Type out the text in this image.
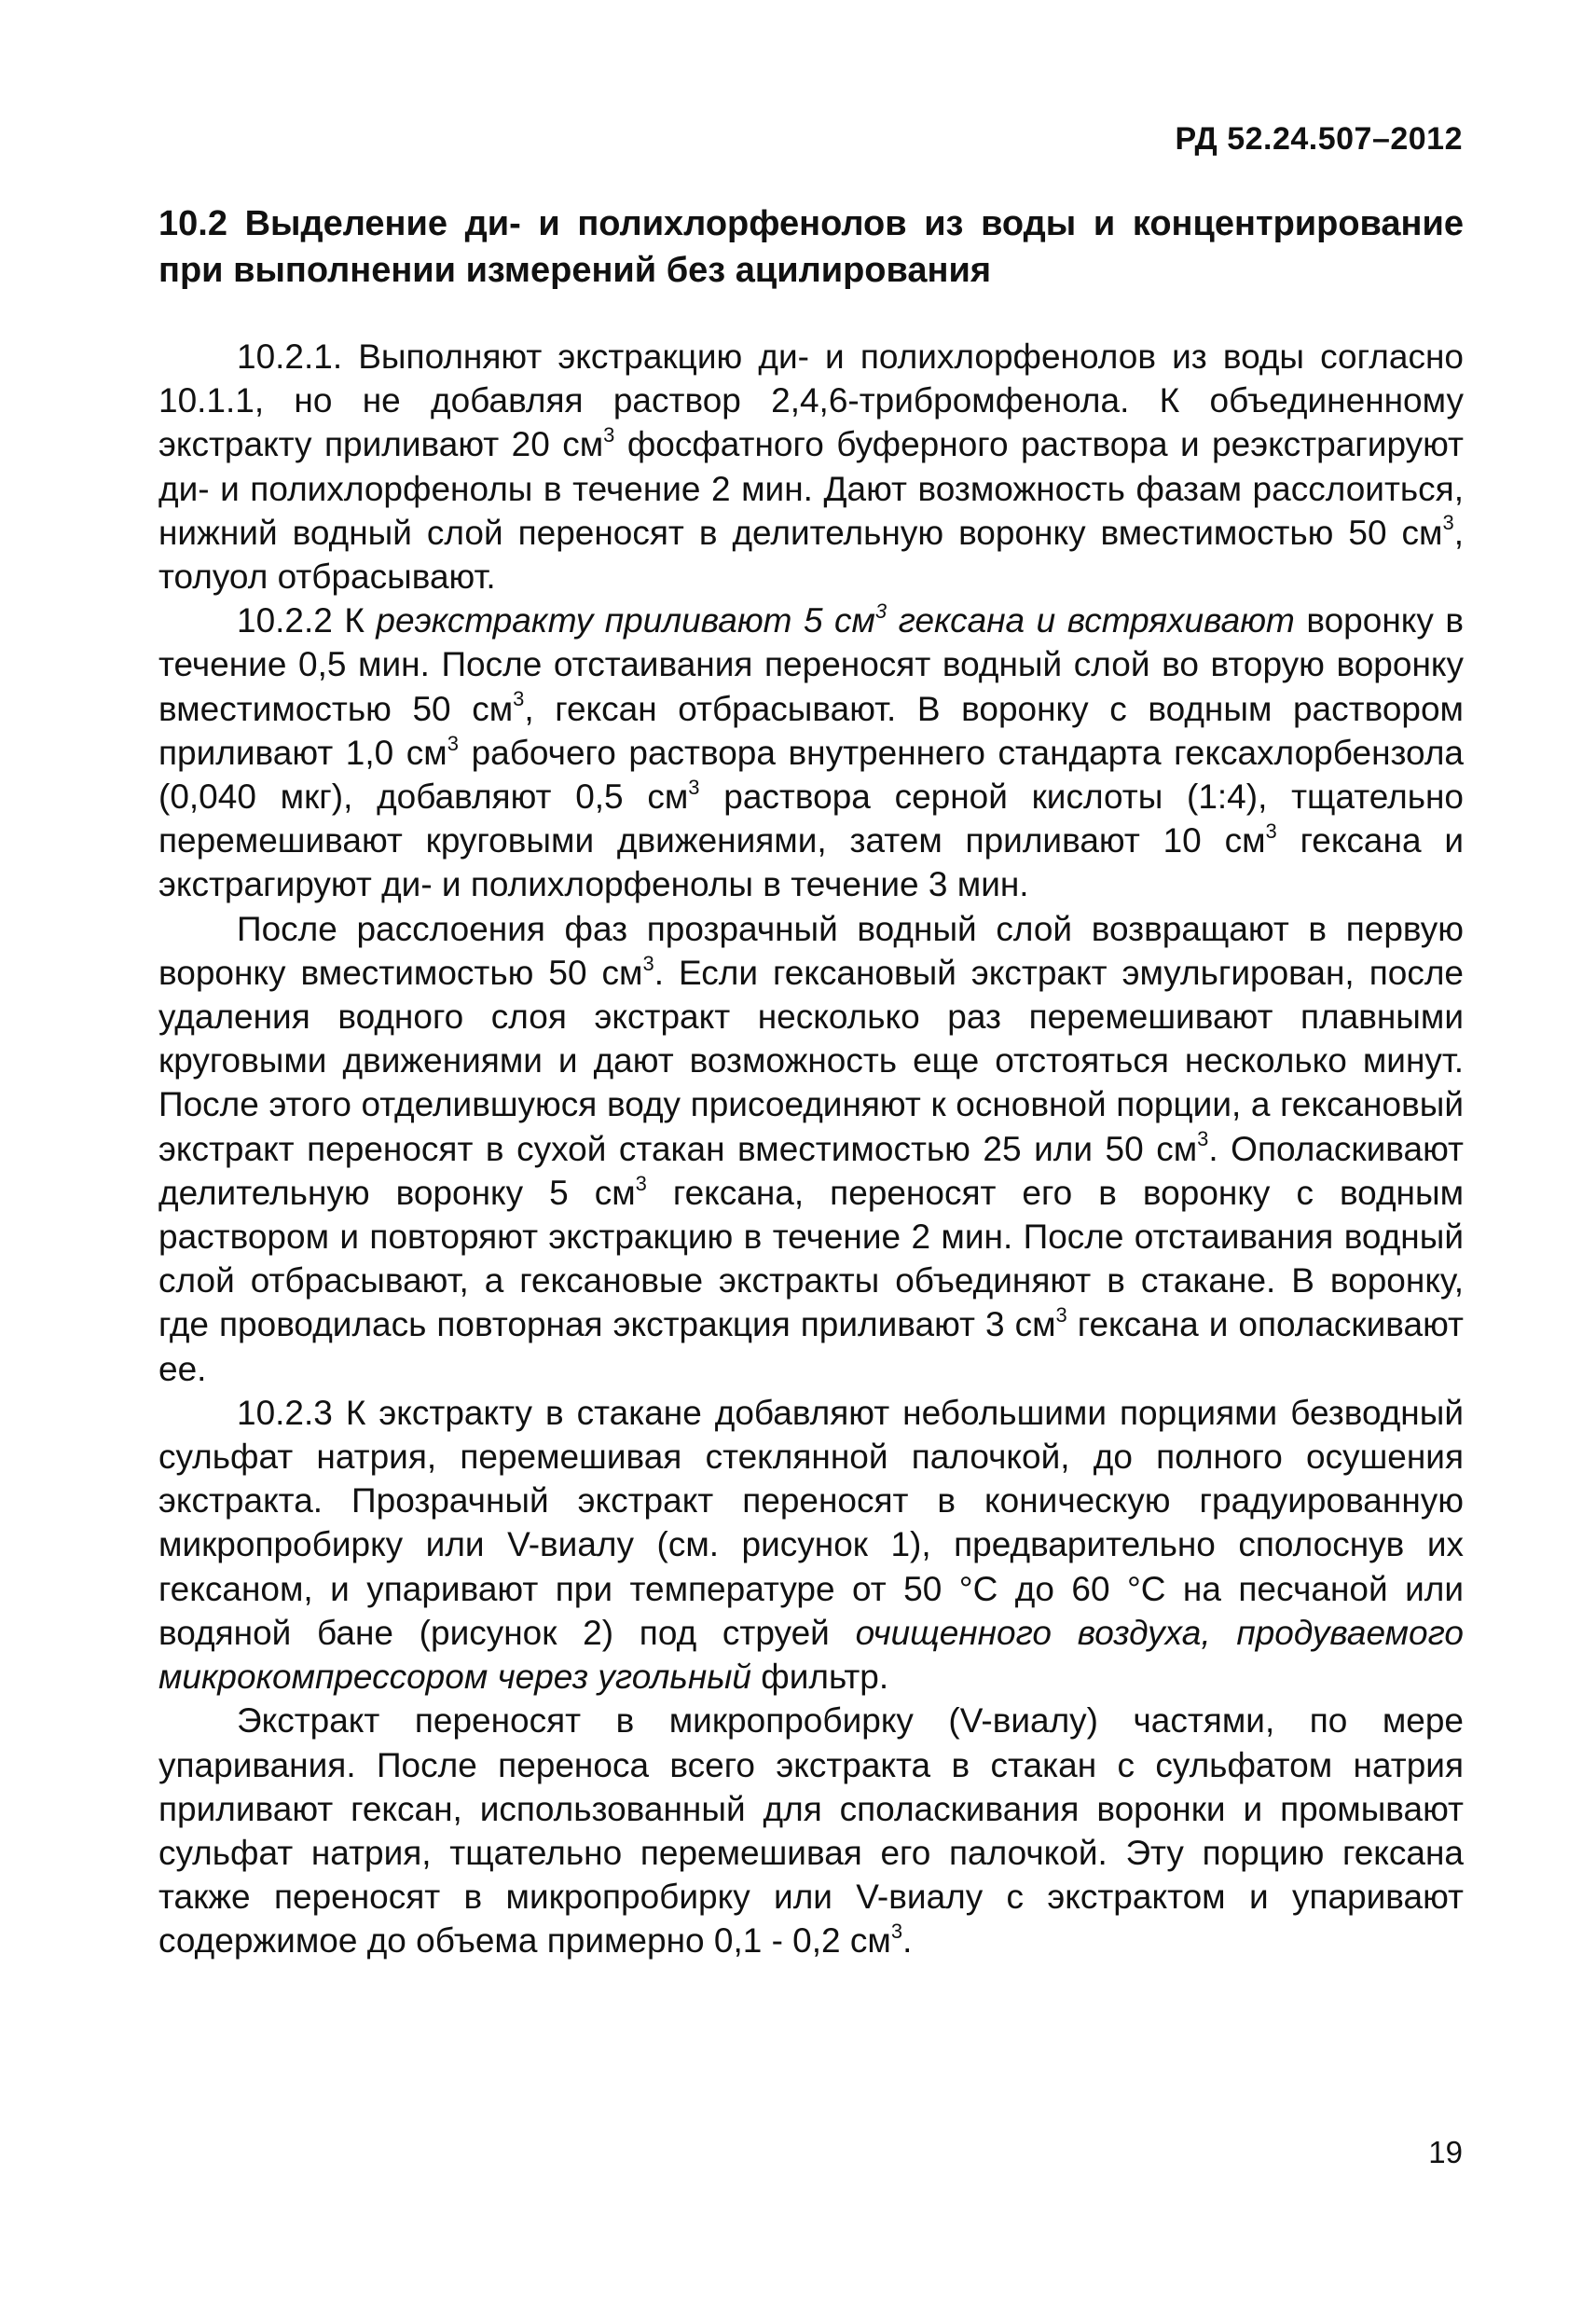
РД 52.24.507–2012
10.2 Выделение ди- и полихлорфенолов из воды и концентрирование при выполнении измерений без ацилирования

10.2.1. Выполняют экстракцию ди- и полихлорфенолов из воды согласно 10.1.1, но не добавляя раствор 2,4,6-трибромфенола. К объединенному экстракту приливают 20 $см^3$ фосфатного буферного раствора и реэкстрагируют ди- и полихлорфенолы в течение 2 мин. Дают возможность фазам расслоиться, нижний водный слой переносят в делительную воронку вместимостью 50 $см^3$, толуол отбрасывают.

10.2.2 К реэкстракту приливают 5 $см^3$ гексана и встряхивают воронку в течение 0,5 мин. После отстаивания переносят водный слой во вторую воронку вместимостью 50 $см^3$, гексан отбрасывают. В воронку с водным раствором приливают 1,0 $см^3$ рабочего раствора внутреннего стандарта гексахлорбензола (0,040 мкг), добавляют 0,5 $см^3$ раствора серной кислоты (1:4), тщательно перемешивают круговыми движениями, затем приливают 10 $см^3$ гексана и экстрагируют ди- и полихлорфенолы в течение 3 мин.

После расслоения фаз прозрачный водный слой возвращают в первую воронку вместимостью 50 $см^3$. Если гексановый экстракт эмульгирован, после удаления водного слоя экстракт несколько раз перемешивают плавными круговыми движениями и дают возможность еще отстояться несколько минут. После этого отделившуюся воду присоединяют к основной порции, а гексановый экстракт переносят в сухой стакан вместимостью 25 или 50 $см^3$. Ополаскивают делительную воронку 5 $см^3$ гексана, переносят его в воронку с водным раствором и повторяют экстракцию в течение 2 мин. После отстаивания водный слой отбрасывают, а гексановые экстракты объединяют в стакане. В воронку, где проводилась повторная экстракция приливают 3 $см^3$ гексана и ополаскивают ее.

10.2.3 К экстракту в стакане добавляют небольшими порциями безводный сульфат натрия, перемешивая стеклянной палочкой, до полного осушения экстракта. Прозрачный экстракт переносят в коническую градуированную микропробирку или V-виалу (см. рисунок 1), предварительно сполоснув их гексаном, и упаривают при температуре от 50 °С до 60 °С на песчаной или водяной бане (рисунок 2) под струей очищенного воздуха, продуваемого микрокомпрессором через угольный фильтр.

Экстракт переносят в микропробирку (V-виалу) частями, по мере упаривания. После переноса всего экстракта в стакан с сульфатом натрия приливают гексан, использованный для споласкивания воронки и промывают сульфат натрия, тщательно перемешивая его палочкой. Эту порцию гексана также переносят в микропробирку или V-виалу с экстрактом и упаривают содержимое до объема примерно 0,1 - 0,2 $см^3$.

19
